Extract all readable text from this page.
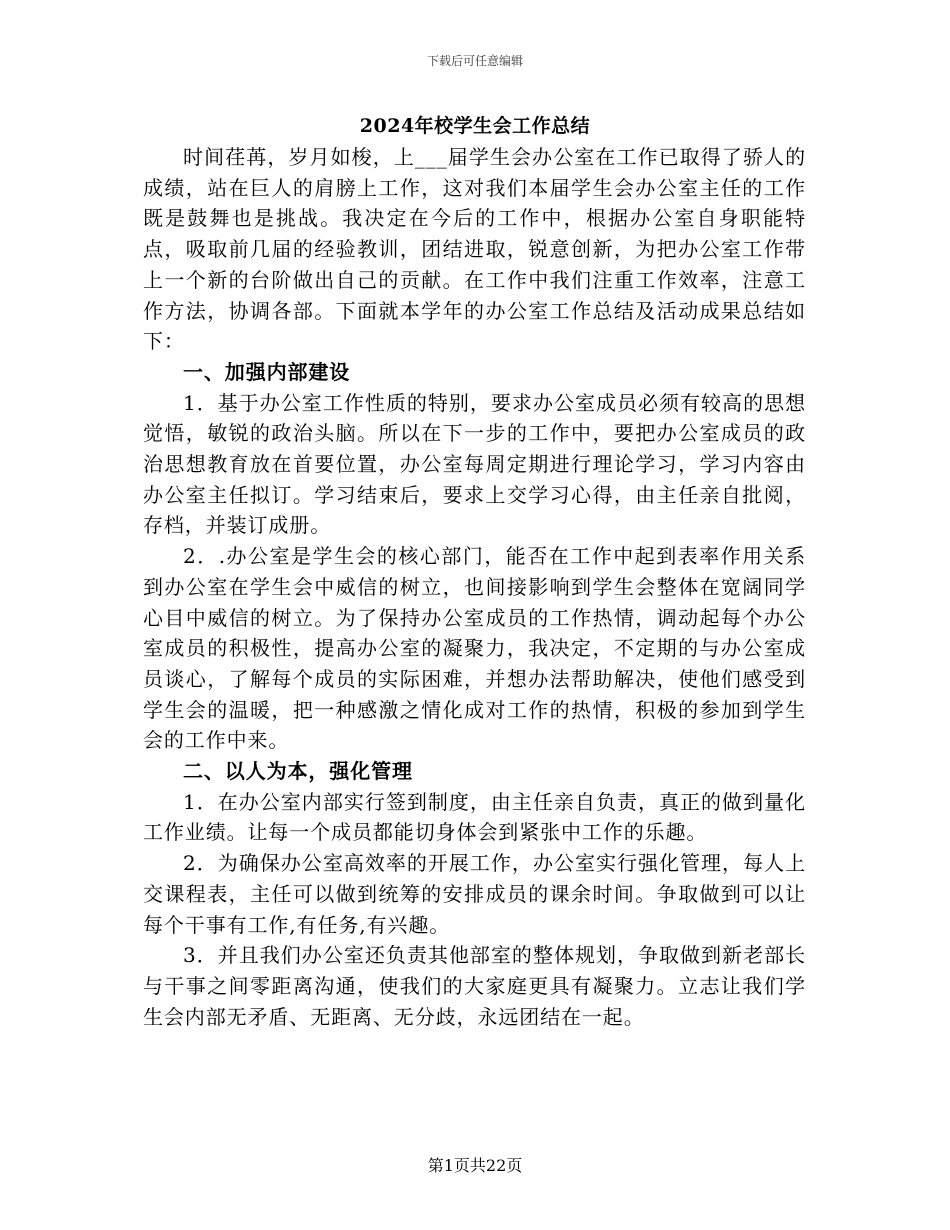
下载后可任意编辑
2024年校学生会工作总结

时间荏苒，岁月如梭，上___届学生会办公室在工作已取得了骄人的成绩，站在巨人的肩膀上工作，这对我们本届学生会办公室主任的工作既是鼓舞也是挑战。我决定在今后的工作中，根据办公室自身职能特点，吸取前几届的经验教训，团结进取，锐意创新，为把办公室工作带上一个新的台阶做出自己的贡献。在工作中我们注重工作效率，注意工作方法，协调各部。下面就本学年的办公室工作总结及活动成果总结如下：

一、加强内部建设

1．基于办公室工作性质的特别，要求办公室成员必须有较高的思想觉悟，敏锐的政治头脑。所以在下一步的工作中，要把办公室成员的政治思想教育放在首要位置，办公室每周定期进行理论学习，学习内容由办公室主任拟订。学习结束后，要求上交学习心得，由主任亲自批阅，存档，并装订成册。

2．.办公室是学生会的核心部门，能否在工作中起到表率作用关系到办公室在学生会中威信的树立，也间接影响到学生会整体在宽阔同学心目中威信的树立。为了保持办公室成员的工作热情，调动起每个办公室成员的积极性，提高办公室的凝聚力，我决定，不定期的与办公室成员谈心，了解每个成员的实际困难，并想办法帮助解决，使他们感受到学生会的温暖，把一种感激之情化成对工作的热情，积极的参加到学生会的工作中来。

二、以人为本，强化管理

1．在办公室内部实行签到制度，由主任亲自负责，真正的做到量化工作业绩。让每一个成员都能切身体会到紧张中工作的乐趣。

2．为确保办公室高效率的开展工作，办公室实行强化管理，每人上交课程表，主任可以做到统筹的安排成员的课余时间。争取做到可以让每个干事有工作,有任务,有兴趣。

3．并且我们办公室还负责其他部室的整体规划，争取做到新老部长与干事之间零距离沟通，使我们的大家庭更具有凝聚力。立志让我们学生会内部无矛盾、无距离、无分歧，永远团结在一起。

第1页共22页
